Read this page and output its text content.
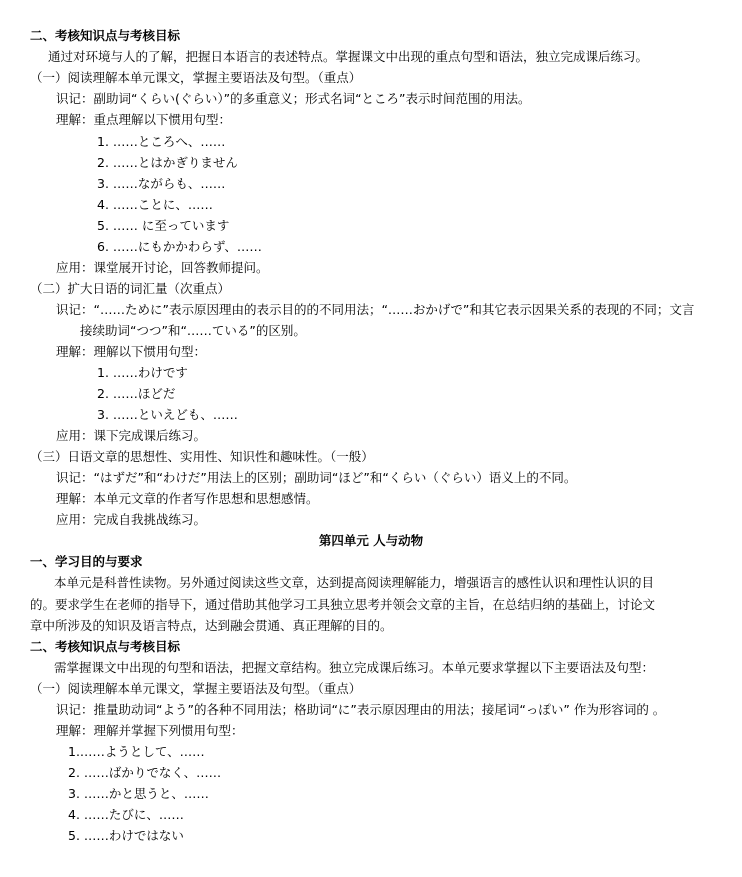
二、考核知识点与考核目标
通过对环境与人的了解，把握日本语言的表述特点。掌握课文中出现的重点句型和语法，独立完成课后练习。
（一）阅读理解本单元课文，掌握主要语法及句型。（重点）
识记：副助词“くらい(ぐらい）”的多重意义；形式名词“ところ”表示时间范围的用法。
理解：重点理解以下惯用句型：
1. ……ところへ、……
2. ……とはかぎりません
3. ……ながらも、……
4. ……ことに、……
5. …… に至っています
6. ……にもかかわらず、……
应用：课堂展开讨论，回答教师提问。
（二）扩大日语的词汇量（次重点）
识记：“……ために”表示原因理由的表示目的的不同用法；“……おかげで”和其它表示因果关系的表现的不同；文言
接续助词“つつ”和“……ている”的区别。
理解：理解以下惯用句型：
1. ……わけです
2. ……ほどだ
3. ……といえども、……
应用：课下完成课后练习。
（三）日语文章的思想性、实用性、知识性和趣味性。（一般）
识记：“はずだ”和“わけだ”用法上的区别；副助词“ほど”和“くらい（ぐらい）语义上的不同。
理解：本单元文章的作者写作思想和思想感情。
应用：完成自我挑战练习。
第四单元 人与动物
一、学习目的与要求
本单元是科普性读物。另外通过阅读这些文章，达到提高阅读理解能力，增强语言的感性认识和理性认识的目
的。要求学生在老师的指导下，通过借助其他学习工具独立思考并领会文章的主旨，在总结归纳的基础上，讨论文
章中所涉及的知识及语言特点，达到融会贯通、真正理解的目的。
二、考核知识点与考核目标
需掌握课文中出现的句型和语法，把握文章结构。独立完成课后练习。本单元要求掌握以下主要语法及句型：
（一）阅读理解本单元课文，掌握主要语法及句型。（重点）
识记：推量助动词“よう”的各种不同用法；格助词“に”表示原因理由的用法；接尾词“っぽい” 作为形容词的 。
理解：理解并掌握下列惯用句型：
1.……ようとして、……
2. ……ばかりでなく、……
3. ……かと思うと、……
4. ……たびに、……
5. ……わけではない
